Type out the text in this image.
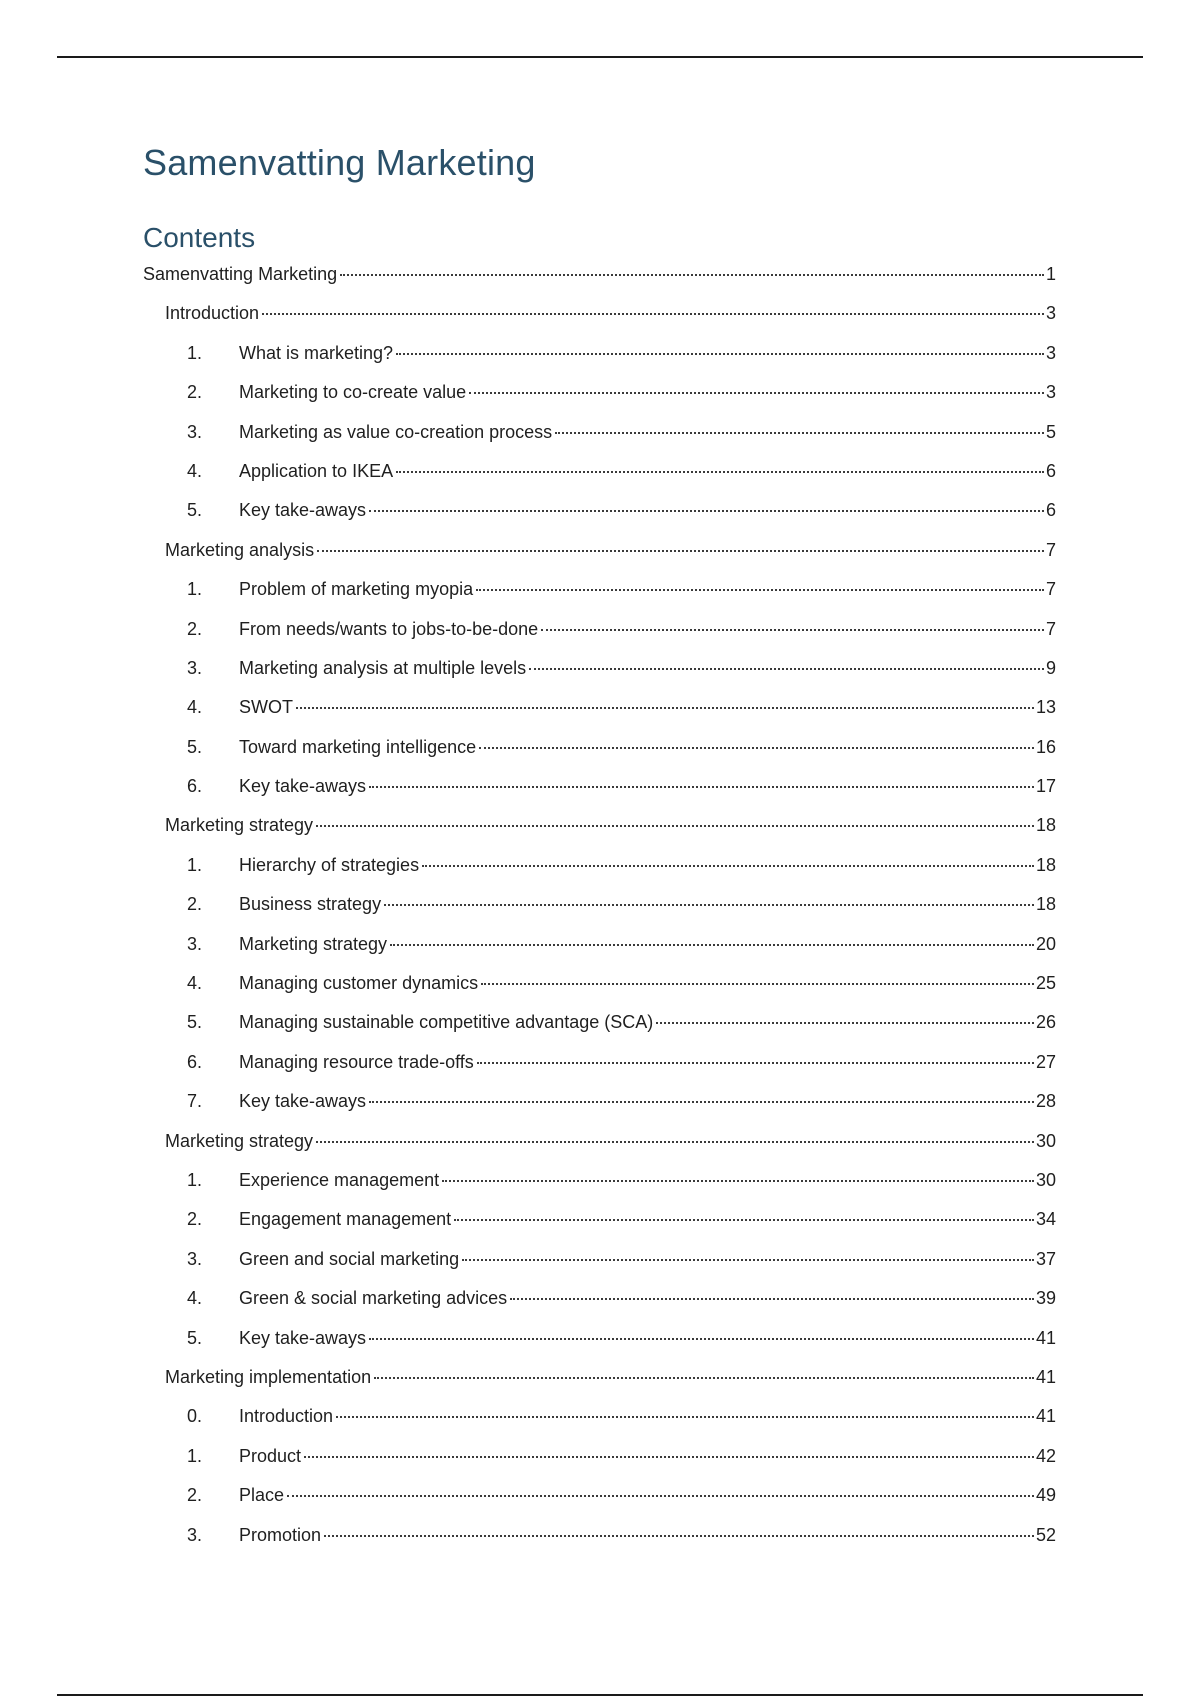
Samenvatting Marketing
Contents
Samenvatting Marketing	1
Introduction	3
1.	What is marketing?	3
2.	Marketing to co-create value	3
3.	Marketing as value co-creation process	5
4.	Application to IKEA	6
5.	Key take-aways	6
Marketing analysis	7
1.	Problem of marketing myopia	7
2.	From needs/wants to jobs-to-be-done	7
3.	Marketing analysis at multiple levels	9
4.	SWOT	13
5.	Toward marketing intelligence	16
6.	Key take-aways	17
Marketing strategy	18
1.	Hierarchy of strategies	18
2.	Business strategy	18
3.	Marketing strategy	20
4.	Managing customer dynamics	25
5.	Managing sustainable competitive advantage (SCA)	26
6.	Managing resource trade-offs	27
7.	Key take-aways	28
Marketing strategy	30
1.	Experience management	30
2.	Engagement management	34
3.	Green and social marketing	37
4.	Green & social marketing advices	39
5.	Key take-aways	41
Marketing implementation	41
0.	Introduction	41
1.	Product	42
2.	Place	49
3.	Promotion	52
